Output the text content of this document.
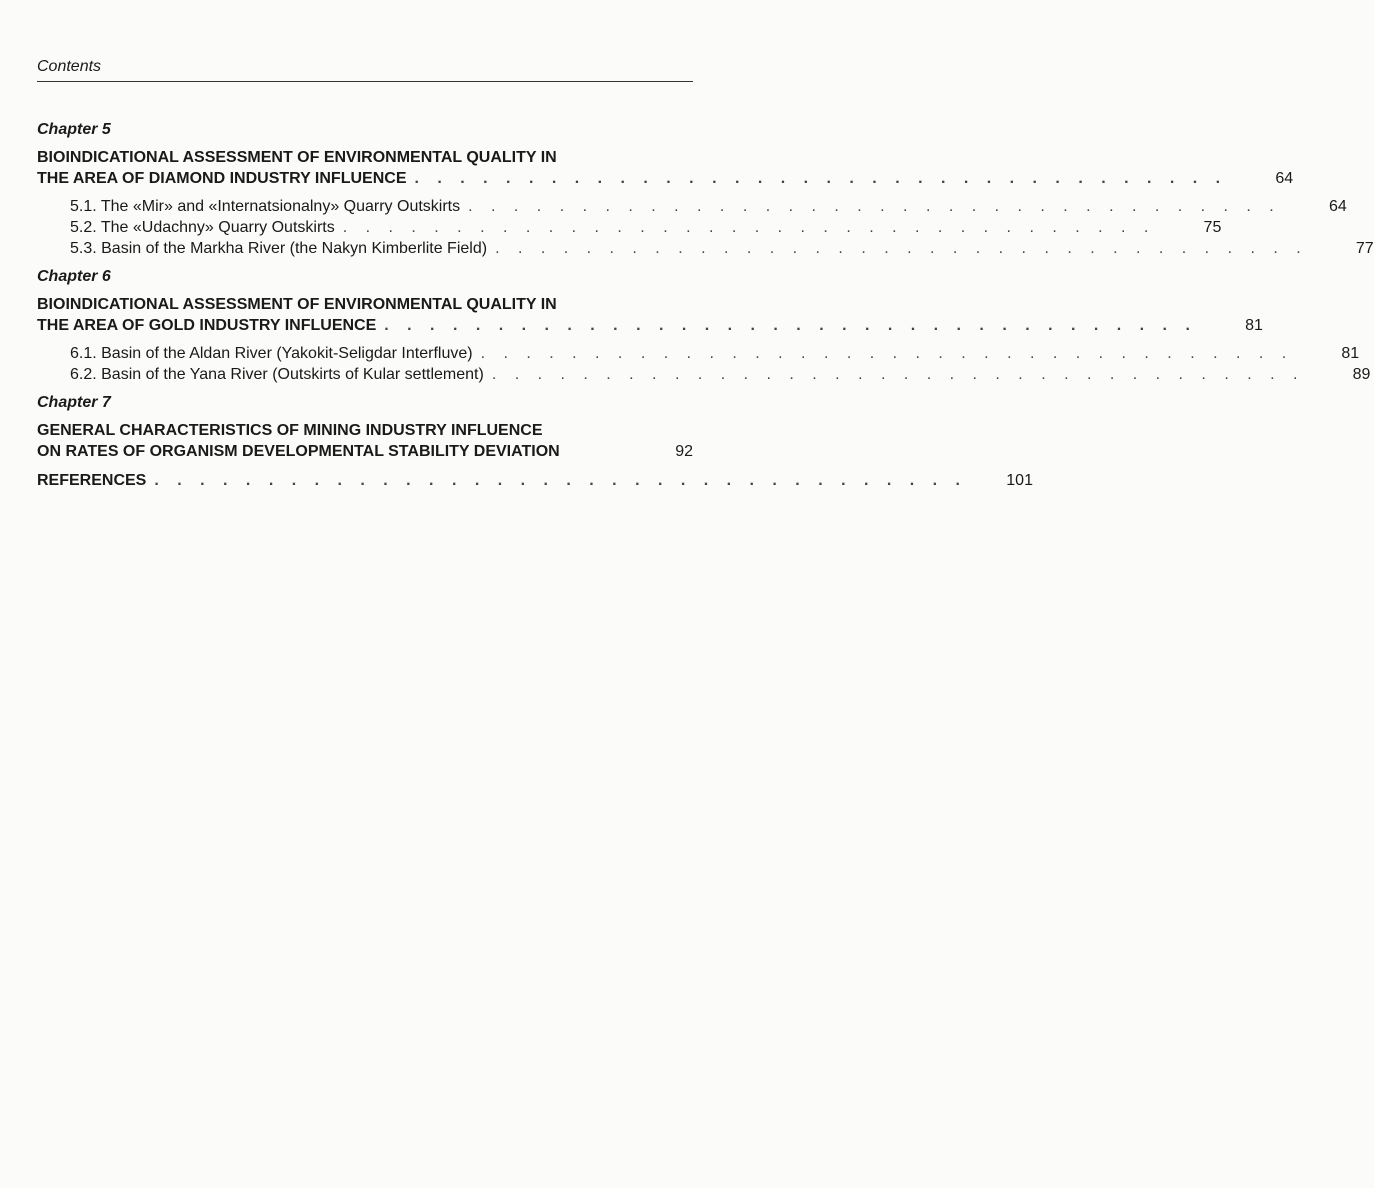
Contents
Chapter 5
BIOINDICATIONAL ASSESSMENT OF ENVIRONMENTAL QUALITY IN
THE AREA OF DIAMOND INDUSTRY INFLUENCE . . . . . . . . . . . . . . . . . . . . . . . . . . . . . . . . . . . .	64
5.1. The «Mir» and «Internatsionalny» Quarry Outskirts . . . . . . . . . . . . . . . . . . . . . . . . . . . . . . . . . . . .	64
5.2. The «Udachny» Quarry Outskirts . . . . . . . . . . . . . . . . . . . . . . . . . . . . . . . . . . . .	75
5.3. Basin of the Markha River (the Nakyn Kimberlite Field) . . . . . . . . . . . . . . . . . . . . . . . . . . . . . . . . . . . .	77
Chapter 6
BIOINDICATIONAL ASSESSMENT OF ENVIRONMENTAL QUALITY IN
THE AREA OF GOLD INDUSTRY INFLUENCE . . . . . . . . . . . . . . . . . . . . . . . . . . . . . . . . . . . .	81
6.1. Basin of the Aldan River (Yakokit-Seligdar Interfluve) . . . . . . . . . . . . . . . . . . . . . . . . . . . . . . . . . . . .	81
6.2. Basin of the Yana River (Outskirts of Kular settlement) . . . . . . . . . . . . . . . . . . . . . . . . . . . . . . . . . . . .	89
Chapter 7
GENERAL CHARACTERISTICS OF MINING INDUSTRY INFLUENCE
ON RATES OF ORGANISM DEVELOPMENTAL STABILITY DEVIATION	92
REFERENCES . . . . . . . . . . . . . . . . . . . . . . . . . . . . . . . . . . . . 101
